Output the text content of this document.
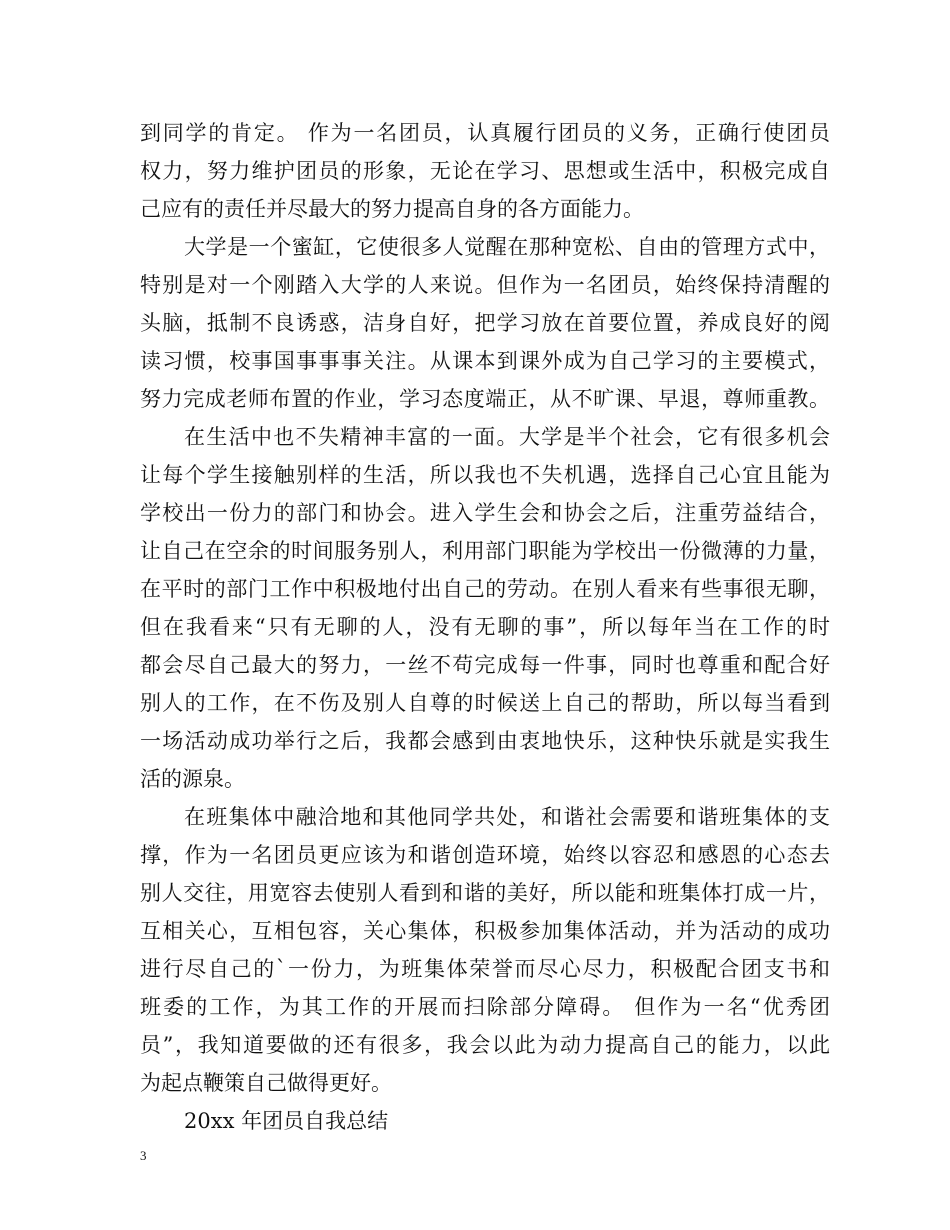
到同学的肯定。 作为一名团员，认真履行团员的义务，正确行使团员
权力，努力维护团员的形象，无论在学习、思想或生活中，积极完成自
己应有的责任并尽最大的努力提高自身的各方面能力。
大学是一个蜜缸，它使很多人觉醒在那种宽松、自由的管理方式中，
特别是对一个刚踏入大学的人来说。但作为一名团员，始终保持清醒的
头脑，抵制不良诱惑，洁身自好，把学习放在首要位置，养成良好的阅
读习惯，校事国事事事关注。从课本到课外成为自己学习的主要模式，
努力完成老师布置的作业，学习态度端正，从不旷课、早退，尊师重教。
在生活中也不失精神丰富的一面。大学是半个社会，它有很多机会
让每个学生接触别样的生活，所以我也不失机遇，选择自己心宜且能为
学校出一份力的部门和协会。进入学生会和协会之后，注重劳益结合，
让自己在空余的时间服务别人，利用部门职能为学校出一份微薄的力量，
在平时的部门工作中积极地付出自己的劳动。在别人看来有些事很无聊，
但在我看来“只有无聊的人，没有无聊的事”，所以每年当在工作的时
都会尽自己最大的努力，一丝不苟完成每一件事，同时也尊重和配合好
别人的工作，在不伤及别人自尊的时候送上自己的帮助，所以每当看到
一场活动成功举行之后，我都会感到由衷地快乐，这种快乐就是实我生
活的源泉。
在班集体中融洽地和其他同学共处，和谐社会需要和谐班集体的支
撑，作为一名团员更应该为和谐创造环境，始终以容忍和感恩的心态去
别人交往，用宽容去使别人看到和谐的美好，所以能和班集体打成一片，
互相关心，互相包容，关心集体，积极参加集体活动，并为活动的成功
进行尽自己的`一份力，为班集体荣誉而尽心尽力，积极配合团支书和
班委的工作，为其工作的开展而扫除部分障碍。 但作为一名“优秀团
员”，我知道要做的还有很多，我会以此为动力提高自己的能力，以此
为起点鞭策自己做得更好。
20xx 年团员自我总结
3
